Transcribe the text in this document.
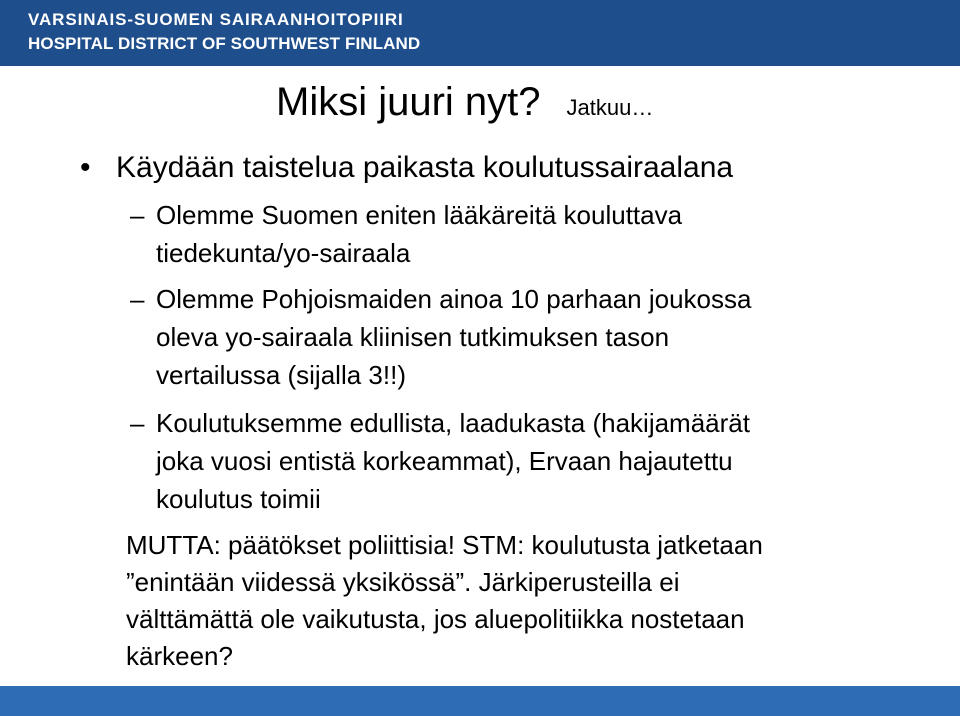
VARSINAIS-SUOMEN SAIRAANHOITOPIIRI
HOSPITAL DISTRICT OF SOUTHWEST FINLAND
Miksi juuri nyt? Jatkuu…
• Käydään taistelua paikasta koulutussairaalana
– Olemme Suomen eniten lääkäreitä kouluttava
tiedekunta/yo-sairaala
– Olemme Pohjoismaiden ainoa 10 parhaan joukossa
oleva yo-sairaala kliinisen tutkimuksen tason
vertailussa (sijalla 3!!)
– Koulutuksemme edullista, laadukasta (hakijamäärät
joka vuosi entistä korkeammat), Ervaan hajautettu
koulutus toimii
MUTTA: päätökset poliittisia! STM: koulutusta jatketaan
”enintään viidessä yksikössä”. Järkiperusteilla ei
välttämättä ole vaikutusta, jos aluepolitiikka nostetaan
kärkeen?
